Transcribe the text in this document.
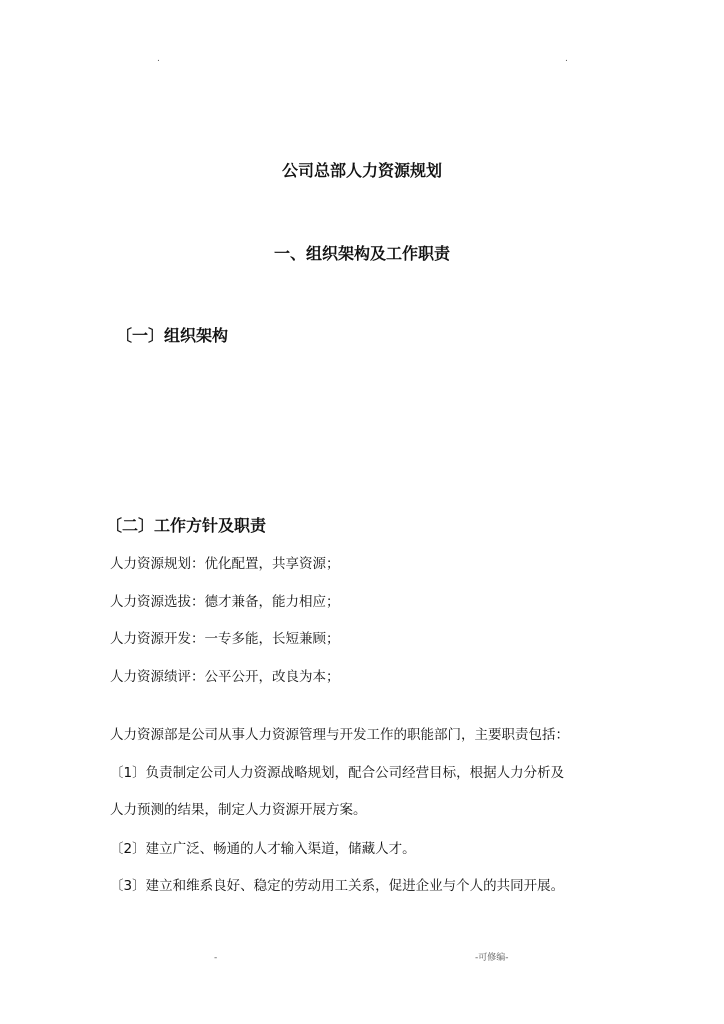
.	.
公司总部人力资源规划
一、组织架构及工作职责
〔一〕组织架构
〔二〕工作方针及职责
人力资源规划：优化配置，共享资源；
人力资源选拔：德才兼备，能力相应；
人力资源开发：一专多能，长短兼顾；
人力资源绩评：公平公开，改良为本；
人力资源部是公司从事人力资源管理与开发工作的职能部门，主要职责包括：
〔1〕负责制定公司人力资源战略规划，配合公司经营目标，根据人力分析及
人力预测的结果，制定人力资源开展方案。
〔2〕建立广泛、畅通的人才输入渠道，储藏人才。
〔3〕建立和维系良好、稳定的劳动用工关系，促进企业与个人的共同开展。
-	-可修编-
